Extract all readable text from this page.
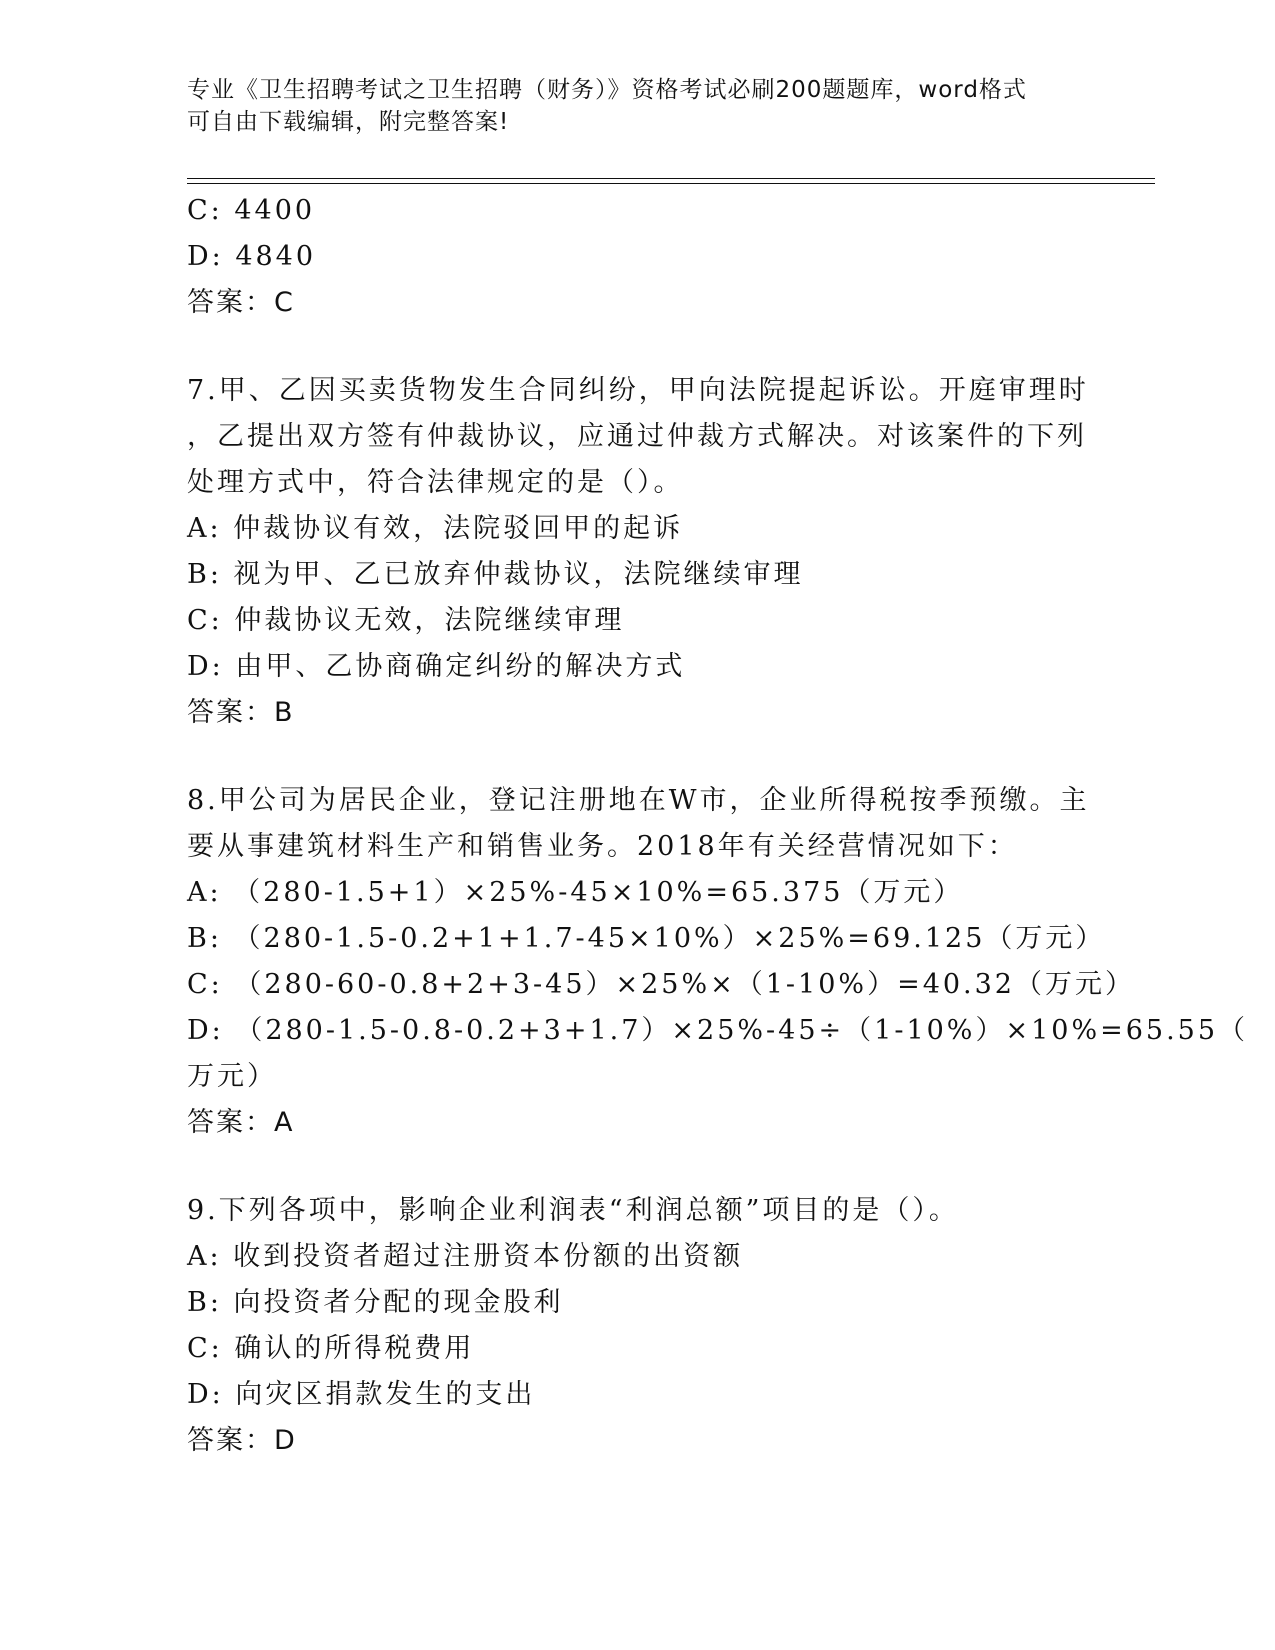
专业《卫生招聘考试之卫生招聘（财务）》资格考试必刷200题题库，word格式
可自由下载编辑，附完整答案!
C: 4400
D: 4840
答案：C
7.甲、乙因买卖货物发生合同纠纷，甲向法院提起诉讼。开庭审理时
，乙提出双方签有仲裁协议，应通过仲裁方式解决。对该案件的下列
处理方式中，符合法律规定的是（）。
A: 仲裁协议有效，法院驳回甲的起诉
B: 视为甲、乙已放弃仲裁协议，法院继续审理
C: 仲裁协议无效，法院继续审理
D: 由甲、乙协商确定纠纷的解决方式
答案：B
8.甲公司为居民企业，登记注册地在W市，企业所得税按季预缴。主
要从事建筑材料生产和销售业务。2018年有关经营情况如下：
A: （280-1.5+1）×25%-45×10%=65.375（万元）
B: （280-1.5-0.2+1+1.7-45×10%）×25%=69.125（万元）
C: （280-60-0.8+2+3-45）×25%×（1-10%）=40.32（万元）
D: （280-1.5-0.8-0.2+3+1.7）×25%-45÷（1-10%）×10%=65.55（
万元）
答案：A
9.下列各项中，影响企业利润表“利润总额”项目的是（）。
A: 收到投资者超过注册资本份额的出资额
B: 向投资者分配的现金股利
C: 确认的所得税费用
D: 向灾区捐款发生的支出
答案：D
